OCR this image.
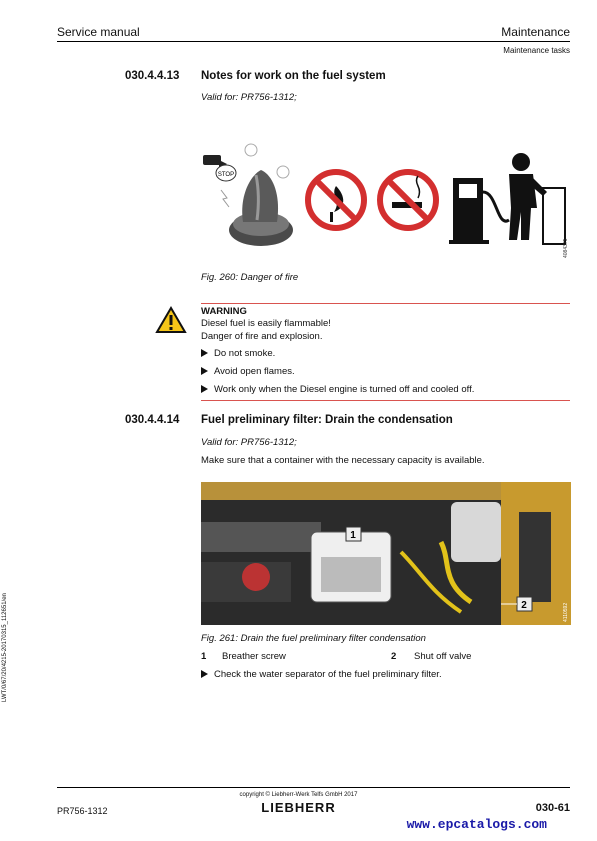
Service manual	Maintenance
Maintenance tasks
030.4.4.13 Notes for work on the fuel system
Valid for: PR756-1312;
STOP
4084375
Fig. 260: Danger of fire
WARNING
Diesel fuel is easily flammable!
Danger of fire and explosion.
Do not smoke.
Avoid open flames.
Work only when the Diesel engine is turned off and cooled off.
030.4.4.14 Fuel preliminary filter: Drain the condensation
Valid for: PR756-1312;
Make sure that a container with the necessary capacity is available.
1
2	4110592
Fig. 261: Drain the fuel preliminary filter condensation
1 Breather screw	2 Shut off valve
Check the water separator of the fuel preliminary filter.
LWT/0/67/20/4215-20170315_112651/en
copyright © Liebherr-Werk Telfs GmbH 2017
PR756-1312	LIEBHERR	030-61
www.epcatalogs.com
